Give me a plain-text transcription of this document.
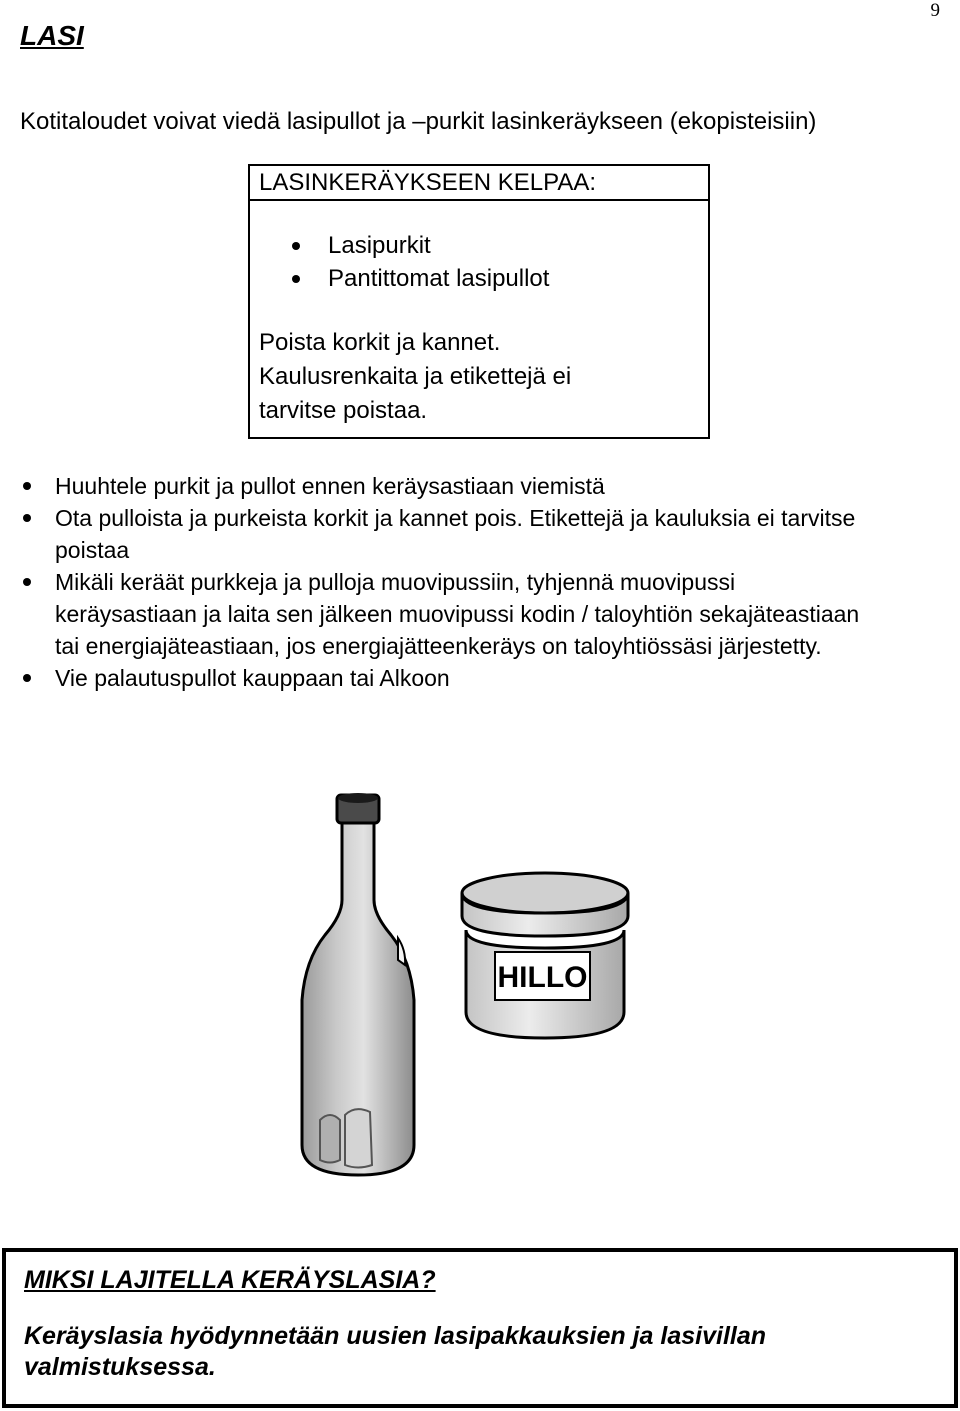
9
LASI

Kotitaloudet voivat viedä lasipullot ja –purkit lasinkeräykseen (ekopisteisiin)

LASINKERÄYKSEEN KELPAA:

Lasipurkit
Pantittomat lasipullot

Poista korkit ja kannet.
Kaulusrenkaita ja etikettejä ei
tarvitse poistaa.

Huuhtele purkit ja pullot ennen keräysastiaan viemistä
Ota pulloista ja purkeista korkit ja kannet pois. Etikettejä ja kauluksia ei tarvitse poistaa
Mikäli keräät purkkeja ja pulloja muovipussiin, tyhjennä muovipussi keräysastiaan ja laita sen jälkeen muovipussi kodin / taloyhtiön sekajäteastiaan tai energiajäteastiaan, jos energiajätteenkeräys on taloyhtiössäsi järjestetty.
Vie palautuspullot kauppaan tai Alkoon
HILLO

MIKSI LAJITELLA KERÄYSLASIA?

Keräyslasia hyödynnetään uusien lasipakkauksien ja lasivillan valmistuksessa.
